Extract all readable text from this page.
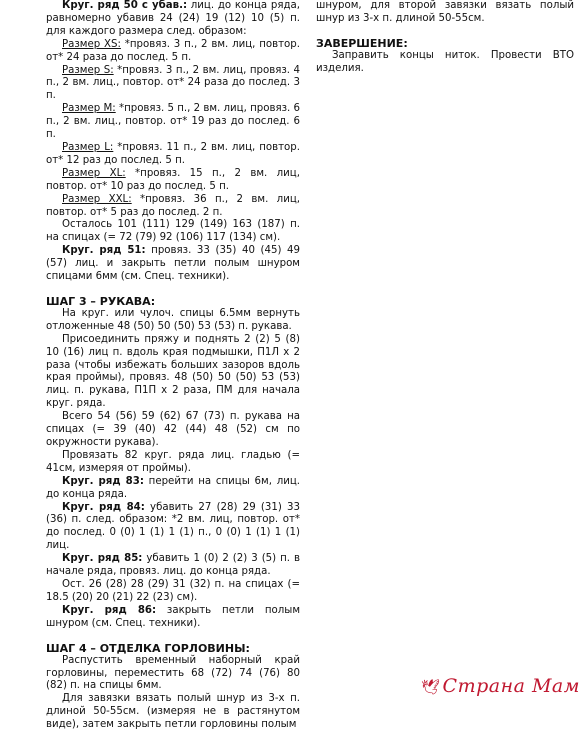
Круг. ряд 50 с убав.: лиц. до конца ряда, равномерно убавив 24 (24) 19 (12) 10 (5) п. для каждого размера след. образом:

Размер XS: *провяз. 3 п., 2 вм. лиц, повтор. от* 24 раза до послед. 5 п.

Размер S: *провяз. 3 п., 2 вм. лиц, провяз. 4 п., 2 вм. лиц., повтор. от* 24 раза до послед. 3 п.

Размер M: *провяз. 5 п., 2 вм. лиц, провяз. 6 п., 2 вм. лиц., повтор. от* 19 раз до послед. 6 п.

Размер L: *провяз. 11 п., 2 вм. лиц, повтор. от* 12 раз до послед. 5 п.

Размер XL: *провяз. 15 п., 2 вм. лиц, повтор. от* 10 раз до послед. 5 п.

Размер XXL: *провяз. 36 п., 2 вм. лиц, повтор. от* 5 раз до послед. 2 п.

Осталось 101 (111) 129 (149) 163 (187) п. на спицах (= 72 (79) 92 (106) 117 (134) см).

Круг. ряд 51: провяз. 33 (35) 40 (45) 49 (57) лиц. и закрыть петли полым шнуром спицами 6мм (см. Спец. техники).

ШАГ 3 – РУКАВА:

На круг. или чулоч. спицы 6.5мм вернуть отложенные 48 (50) 50 (50) 53 (53) п. рукава.

Присоединить пряжу и поднять 2 (2) 5 (8) 10 (16) лиц п. вдоль края подмышки, П1Л х 2 раза (чтобы избежать больших зазоров вдоль края проймы), провяз. 48 (50) 50 (50) 53 (53) лиц. п. рукава, П1П х 2 раза, ПМ для начала круг. ряда.

Всего 54 (56) 59 (62) 67 (73) п. рукава на спицах (= 39 (40) 42 (44) 48 (52) см по окружности рукава).

Провязать 82 круг. ряда лиц. гладью (= 41см, измеряя от проймы).

Круг. ряд 83: перейти на спицы 6м, лиц. до конца ряда.

Круг. ряд 84: убавить 27 (28) 29 (31) 33 (36) п. след. образом: *2 вм. лиц, повтор. от* до послед. 0 (0) 1 (1) 1 (1) п., 0 (0) 1 (1) 1 (1) лиц.

Круг. ряд 85: убавить 1 (0) 2 (2) 3 (5) п. в начале ряда, провяз. лиц. до конца ряда.

Ост. 26 (28) 28 (29) 31 (32) п. на спицах (= 18.5 (20) 20 (21) 22 (23) см).

Круг. ряд 86: закрыть петли полым шнуром (см. Спец. техники).

ШАГ 4 – ОТДЕЛКА ГОРЛОВИНЫ:

Распустить временный наборный край горловины, переместить 68 (72) 74 (76) 80 (82) п. на спицы 6мм.

Для завязки вязать полый шнур из 3-х п. длиной 50-55см. (измеряя не в растянутом виде), затем закрыть петли горловины полым

шнуром, для второй завязки вязать полый шнур из 3-х п. длиной 50-55см.

ЗАВЕРШЕНИЕ:

Заправить концы ниток. Провести ВТО изделия.

🕊 Страна Мам
